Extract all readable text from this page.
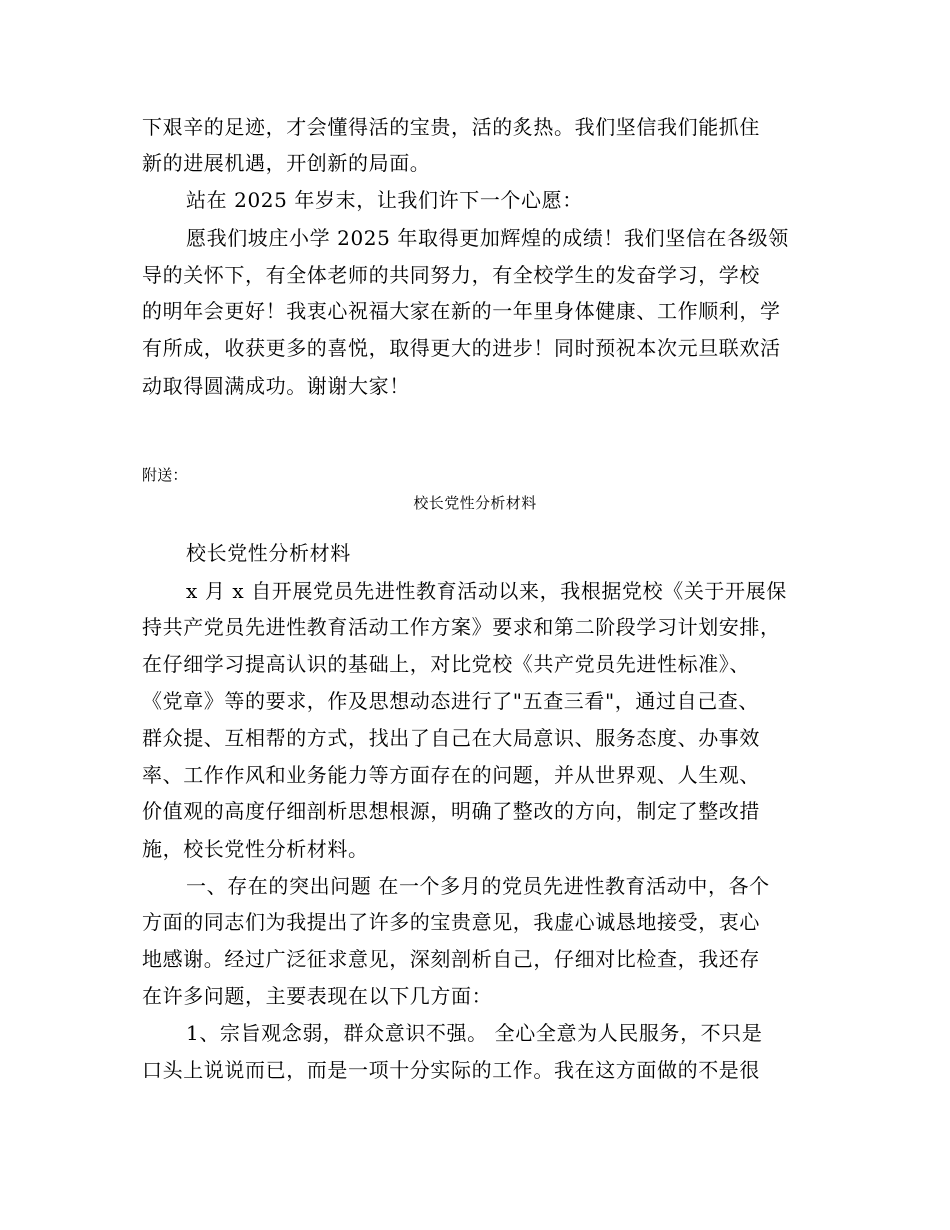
下艰辛的足迹，才会懂得活的宝贵，活的炙热。我们坚信我们能抓住
新的进展机遇，开创新的局面。
站在 2025 年岁末，让我们许下一个心愿：
愿我们坡庄小学 2025 年取得更加辉煌的成绩！我们坚信在各级领
导的关怀下，有全体老师的共同努力，有全校学生的发奋学习，学校
的明年会更好！我衷心祝福大家在新的一年里身体健康、工作顺利，学
有所成，收获更多的喜悦，取得更大的进步！同时预祝本次元旦联欢活
动取得圆满成功。谢谢大家！
附送：
校长党性分析材料
校长党性分析材料
x 月 x 自开展党员先进性教育活动以来，我根据党校《关于开展保
持共产党员先进性教育活动工作方案》要求和第二阶段学习计划安排，
在仔细学习提高认识的基础上，对比党校《共产党员先进性标准》、
《党章》等的要求，作及思想动态进行了"五查三看"，通过自己查、
群众提、互相帮的方式，找出了自己在大局意识、服务态度、办事效
率、工作作风和业务能力等方面存在的问题，并从世界观、人生观、
价值观的高度仔细剖析思想根源，明确了整改的方向，制定了整改措
施，校长党性分析材料。
一、存在的突出问题 在一个多月的党员先进性教育活动中，各个
方面的同志们为我提出了许多的宝贵意见，我虚心诚恳地接受，衷心
地感谢。经过广泛征求意见，深刻剖析自己，仔细对比检查，我还存
在许多问题，主要表现在以下几方面：
1、宗旨观念弱，群众意识不强。 全心全意为人民服务，不只是
口头上说说而已，而是一项十分实际的工作。我在这方面做的不是很
